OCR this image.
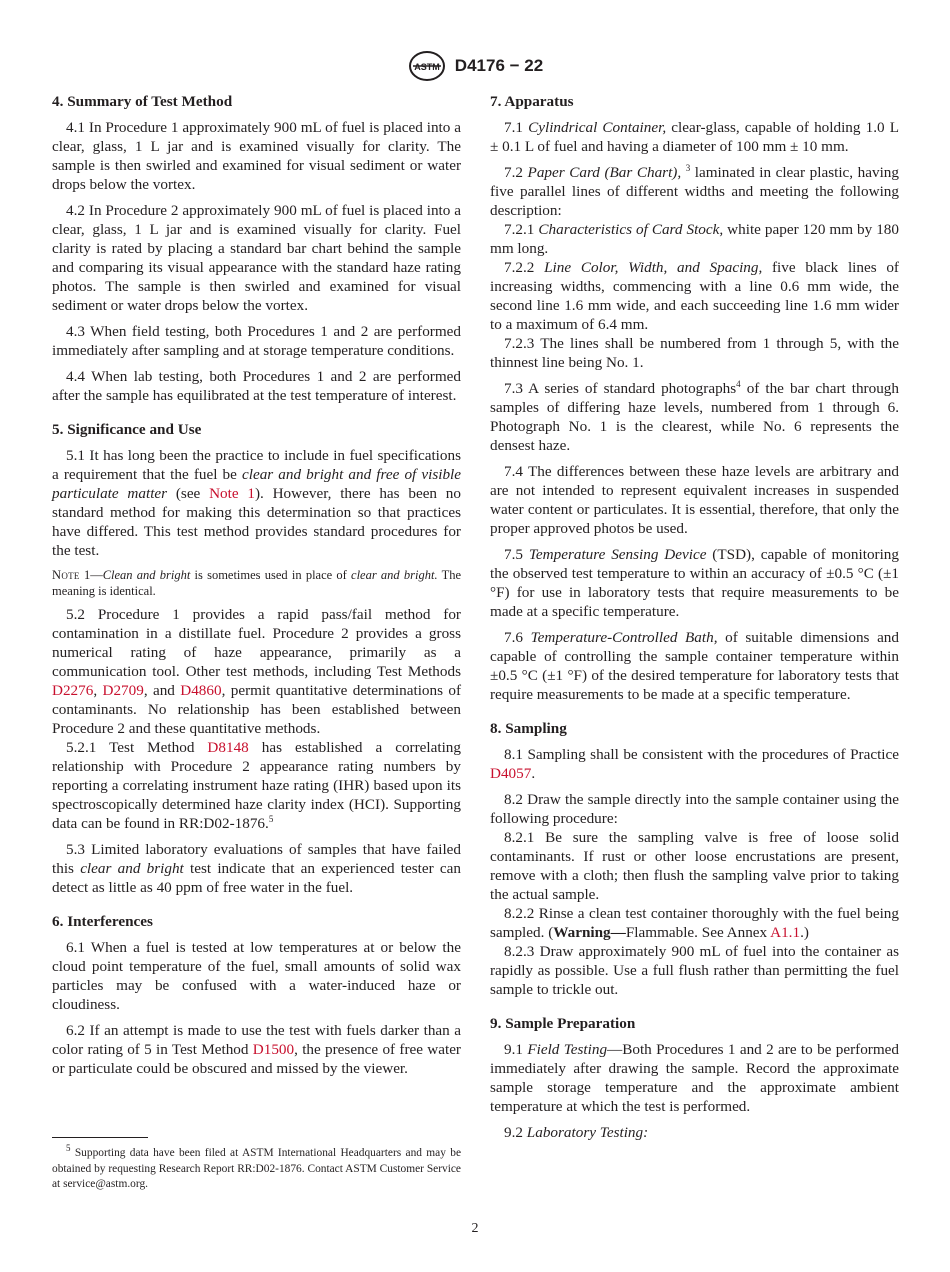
ASTM D4176 − 22
4. Summary of Test Method

4.1 In Procedure 1 approximately 900 mL of fuel is placed into a clear, glass, 1 L jar and is examined visually for clarity. The sample is then swirled and examined for visual sediment or water drops below the vortex.

4.2 In Procedure 2 approximately 900 mL of fuel is placed into a clear, glass, 1 L jar and is examined visually for clarity. Fuel clarity is rated by placing a standard bar chart behind the sample and comparing its visual appearance with the standard haze rating photos. The sample is then swirled and examined for visual sediment or water drops below the vortex.

4.3 When field testing, both Procedures 1 and 2 are performed immediately after sampling and at storage temperature conditions.

4.4 When lab testing, both Procedures 1 and 2 are performed after the sample has equilibrated at the test temperature of interest.

5. Significance and Use

5.1 It has long been the practice to include in fuel specifications a requirement that the fuel be clear and bright and free of visible particulate matter (see Note 1). However, there has been no standard method for making this determination so that practices have differed. This test method provides standard procedures for the test.

Note 1—Clean and bright is sometimes used in place of clear and bright. The meaning is identical.

5.2 Procedure 1 provides a rapid pass/fail method for contamination in a distillate fuel. Procedure 2 provides a gross numerical rating of haze appearance, primarily as a communication tool. Other test methods, including Test Methods D2276, D2709, and D4860, permit quantitative determinations of contaminants. No relationship has been established between Procedure 2 and these quantitative methods.

5.2.1 Test Method D8148 has established a correlating relationship with Procedure 2 appearance rating numbers by reporting a correlating instrument haze rating (IHR) based upon its spectroscopically determined haze clarity index (HCI). Supporting data can be found in RR:D02-1876.$^5$

5.3 Limited laboratory evaluations of samples that have failed this clear and bright test indicate that an experienced tester can detect as little as 40 ppm of free water in the fuel.

6. Interferences

6.1 When a fuel is tested at low temperatures at or below the cloud point temperature of the fuel, small amounts of solid wax particles may be confused with a water-induced haze or cloudiness.

6.2 If an attempt is made to use the test with fuels darker than a color rating of 5 in Test Method D1500, the presence of free water or particulate could be obscured and missed by the viewer.

7. Apparatus

7.1 Cylindrical Container, clear-glass, capable of holding 1.0 L ± 0.1 L of fuel and having a diameter of 100 mm ± 10 mm.

7.2 Paper Card (Bar Chart), $^3$ laminated in clear plastic, having five parallel lines of different widths and meeting the following description:

7.2.1 Characteristics of Card Stock, white paper 120 mm by 180 mm long.

7.2.2 Line Color, Width, and Spacing, five black lines of increasing widths, commencing with a line 0.6 mm wide, the second line 1.6 mm wide, and each succeeding line 1.6 mm wider to a maximum of 6.4 mm.

7.2.3 The lines shall be numbered from 1 through 5, with the thinnest line being No. 1.

7.3 A series of standard photographs$^4$ of the bar chart through samples of differing haze levels, numbered from 1 through 6. Photograph No. 1 is the clearest, while No. 6 represents the densest haze.

7.4 The differences between these haze levels are arbitrary and are not intended to represent equivalent increases in suspended water content or particulates. It is essential, therefore, that only the proper approved photos be used.

7.5 Temperature Sensing Device (TSD), capable of monitoring the observed test temperature to within an accuracy of ±0.5 °C (±1 °F) for use in laboratory tests that require measurements to be made at a specific temperature.

7.6 Temperature-Controlled Bath, of suitable dimensions and capable of controlling the sample container temperature within ±0.5 °C (±1 °F) of the desired temperature for laboratory tests that require measurements to be made at a specific temperature.

8. Sampling

8.1 Sampling shall be consistent with the procedures of Practice D4057.

8.2 Draw the sample directly into the sample container using the following procedure:

8.2.1 Be sure the sampling valve is free of loose solid contaminants. If rust or other loose encrustations are present, remove with a cloth; then flush the sampling valve prior to taking the actual sample.

8.2.2 Rinse a clean test container thoroughly with the fuel being sampled. (Warning—Flammable. See Annex A1.1.)

8.2.3 Draw approximately 900 mL of fuel into the container as rapidly as possible. Use a full flush rather than permitting the fuel sample to trickle out.

9. Sample Preparation

9.1 Field Testing—Both Procedures 1 and 2 are to be performed immediately after drawing the sample. Record the approximate sample storage temperature and the approximate ambient temperature at which the test is performed.

9.2 Laboratory Testing:

$^5$ Supporting data have been filed at ASTM International Headquarters and may be obtained by requesting Research Report RR:D02-1876. Contact ASTM Customer Service at service@astm.org.
2
